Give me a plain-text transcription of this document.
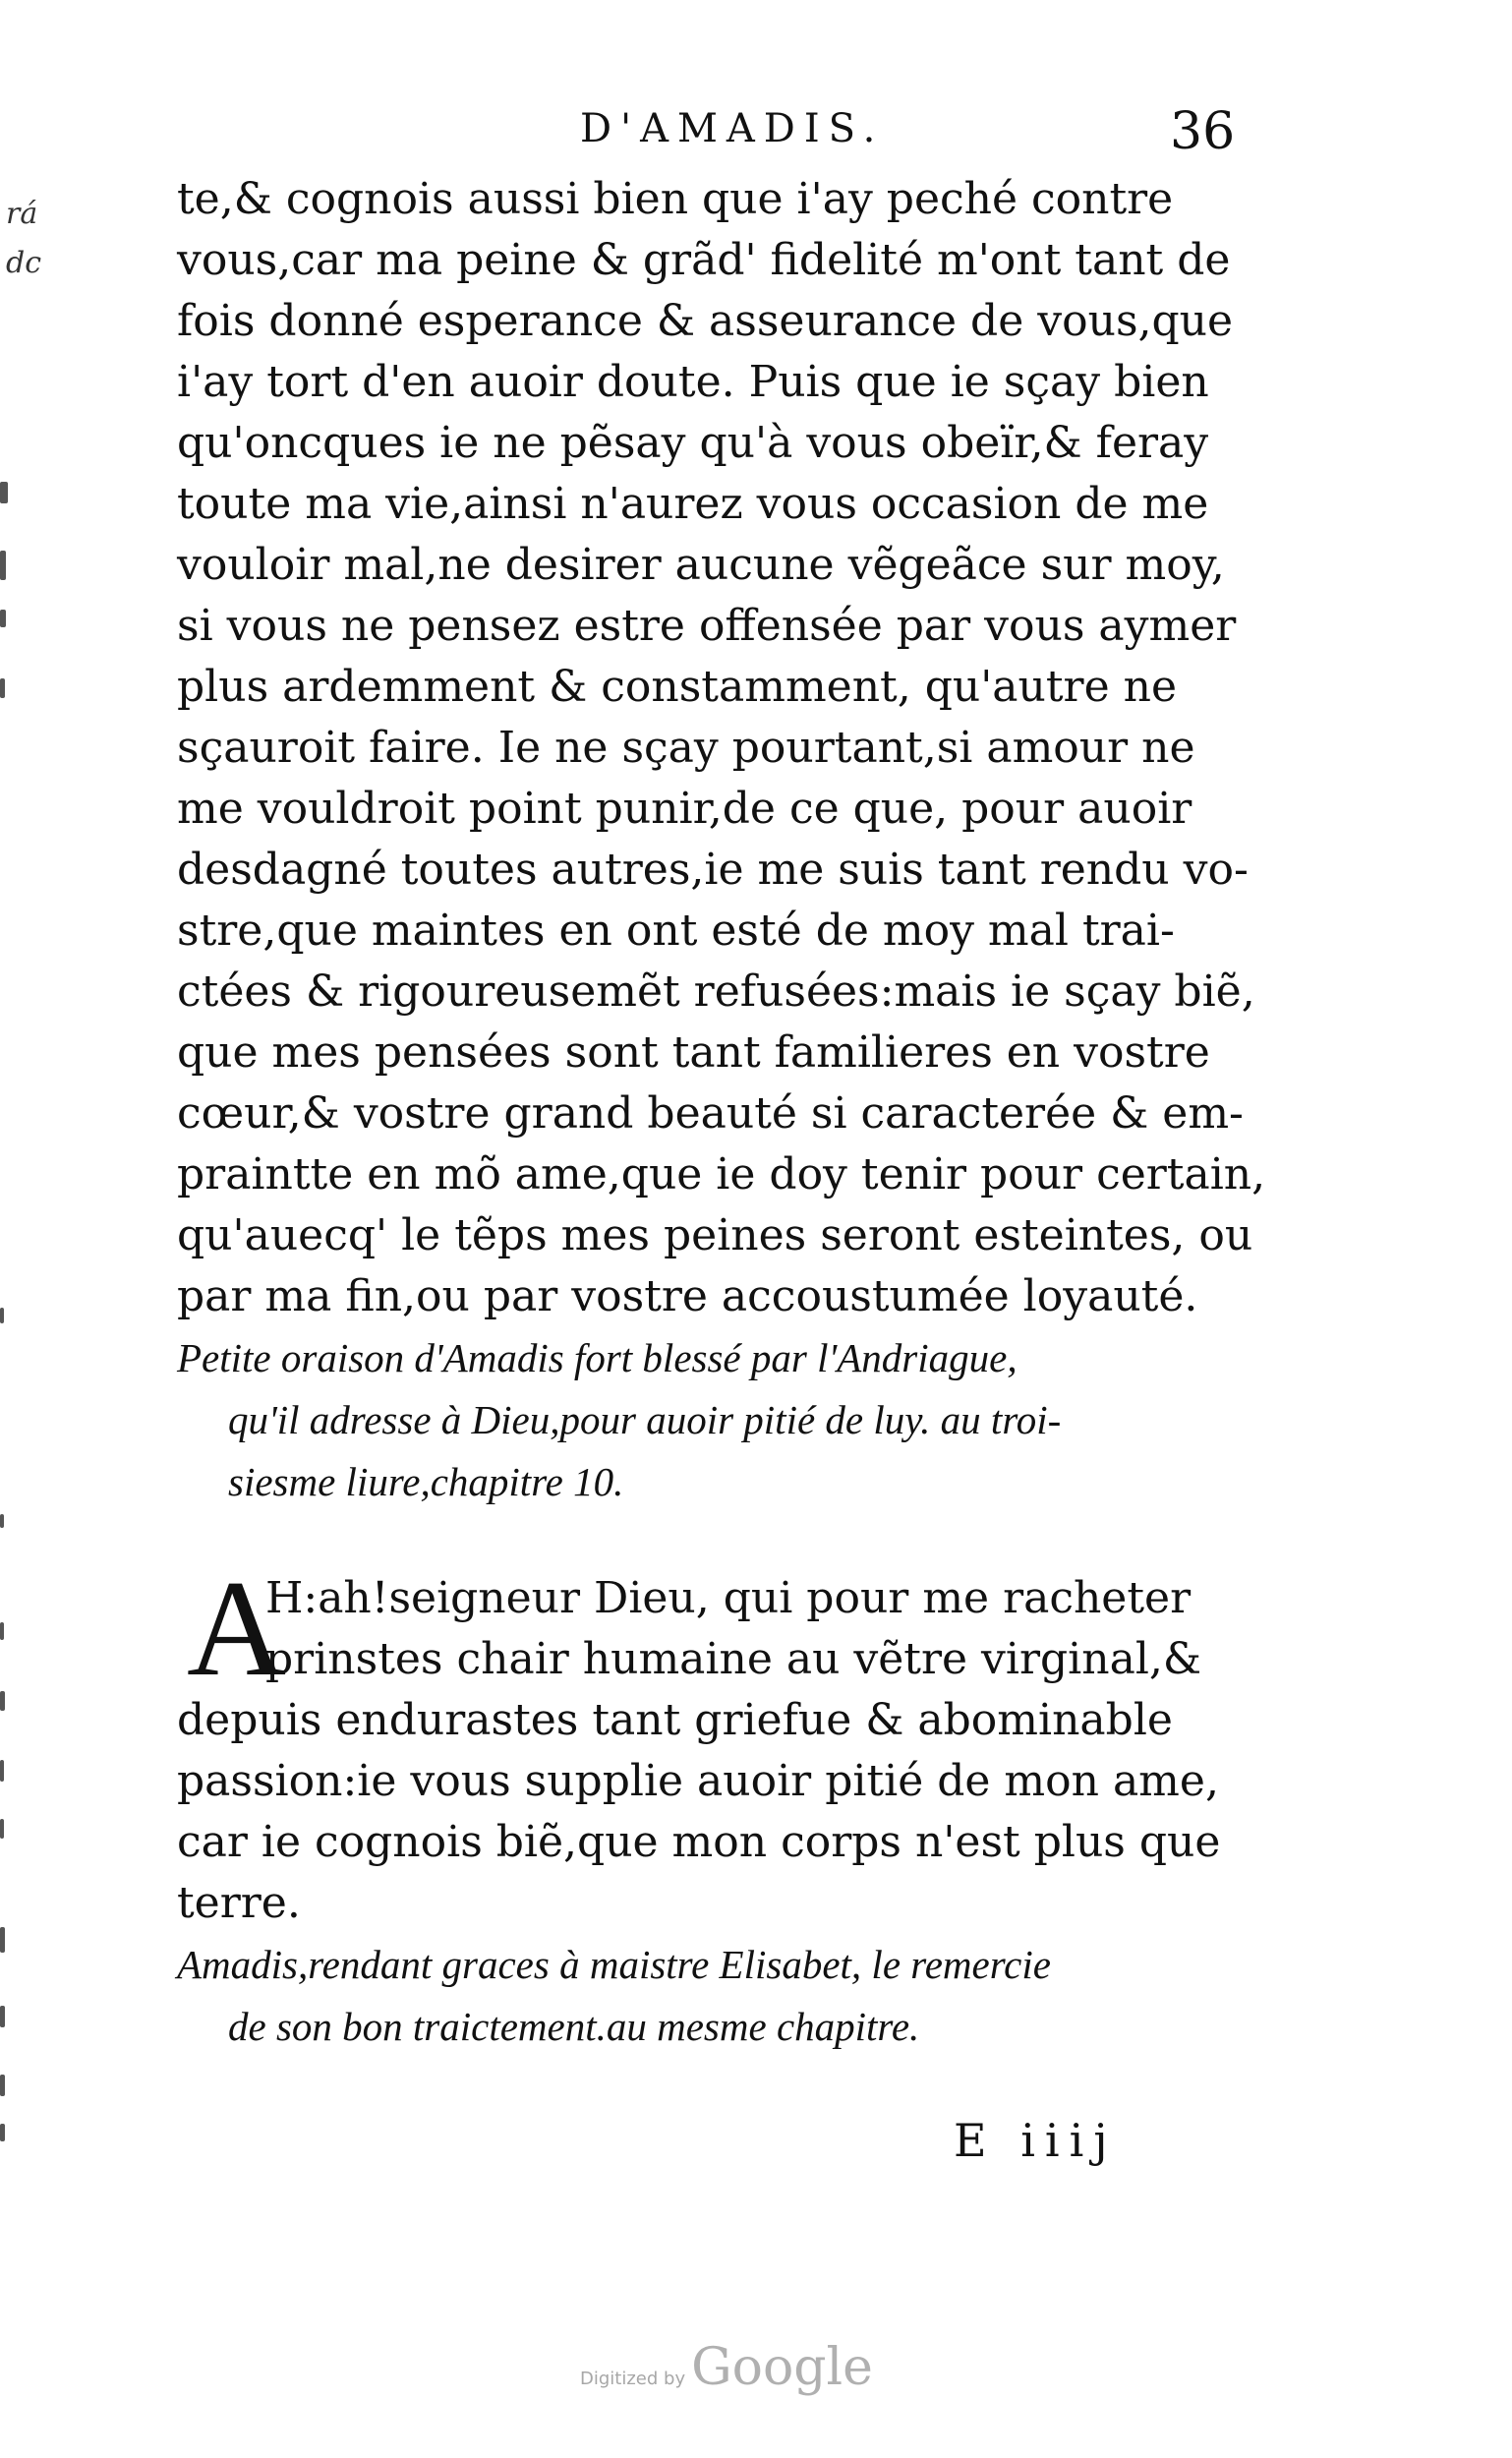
rá
dc
D'AMADIS.	36
te,& cognois aussi bien que i'ay peché contre
vous,car ma peine & grãd' fidelité m'ont tant de
fois donné esperance & asseurance de vous,que
i'ay tort d'en auoir doute. Puis que ie sçay bien
qu'oncques ie ne pẽsay qu'à vous obeïr,& feray
toute ma vie,ainsi n'aurez vous occasion de me
vouloir mal,ne desirer aucune vẽgeãce sur moy,
si vous ne pensez estre offensée par vous aymer
plus ardemment & constamment, qu'autre ne
sçauroit faire. Ie ne sçay pourtant,si amour ne
me vouldroit point punir,de ce que, pour auoir
desdagné toutes autres,ie me suis tant rendu vo-
stre,que maintes en ont esté de moy mal trai-
ctées & rigoureusemẽt refusées:mais ie sçay biẽ,
que mes pensées sont tant familieres en vostre
cœur,& vostre grand beauté si caracterée & em-
praintte en mõ ame,que ie doy tenir pour certain,
qu'auecq' le tẽps mes peines seront esteintes, ou
par ma fin,ou par vostre accoustumée loyauté.
Petite oraison d'Amadis fort blessé par l'Andriague,
qu'il adresse à Dieu,pour auoir pitié de luy. au troi-
siesme liure,chapitre 10.
A
H:ah!seigneur Dieu, qui pour me racheter
prinstes chair humaine au vẽtre virginal,&
depuis endurastes tant griefue & abominable
passion:ie vous supplie auoir pitié de mon ame,
car ie cognois biẽ,que mon corps n'est plus que
terre.
Amadis,rendant graces à maistre Elisabet, le remercie
de son bon traictement.au mesme chapitre.
E iiij
Digitized by Google
